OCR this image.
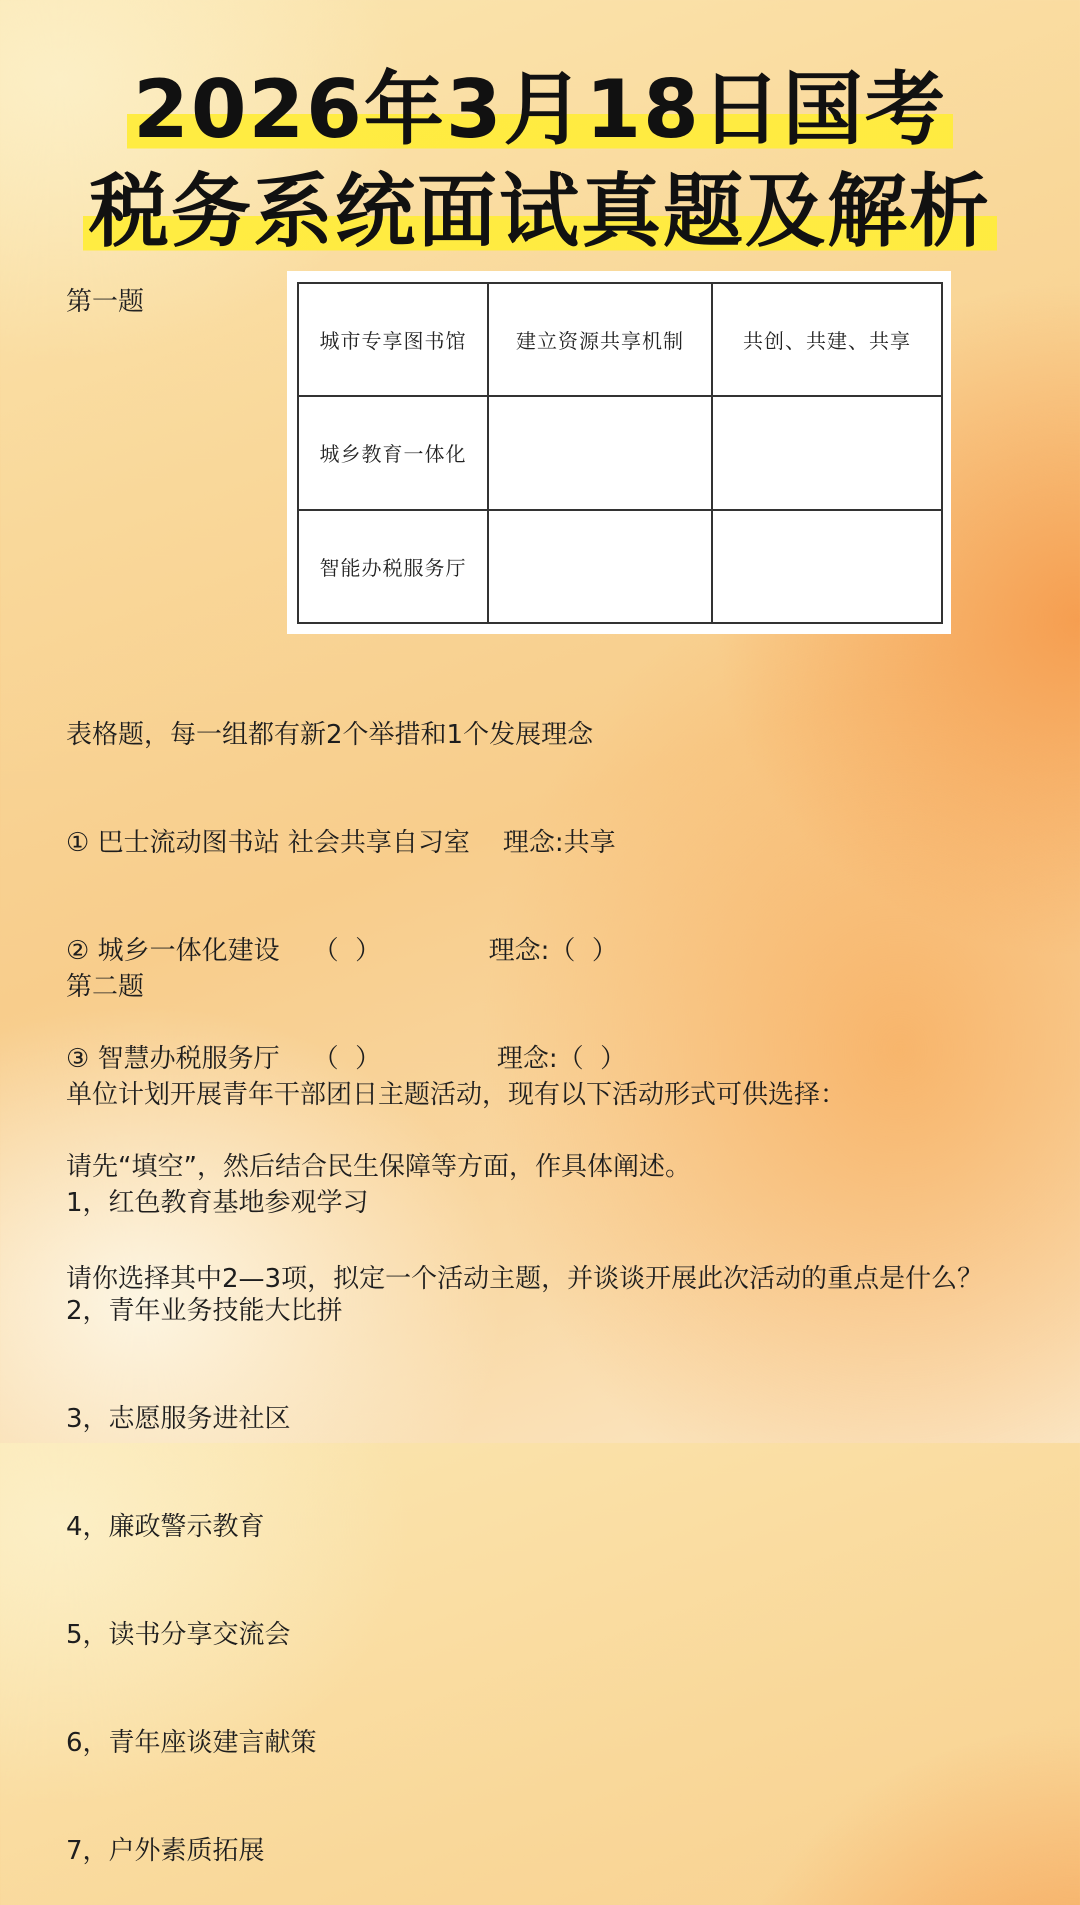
2026年3月18日国考
税务系统面试真题及解析
第一题
城市专享图书馆	建立资源共享机制	共创、共建、共享
城乡教育一体化		
智能办税服务厅		

表格题，每一组都有新2个举措和1个发展理念

① 巴士流动图书站 社会共享自习室    理念:共享

② 城乡一体化建设    （  ）             理念:（  ）

③ 智慧办税服务厅    （  ）              理念:（  ）

请先“填空”，然后结合民生保障等方面，作具体阐述。

第二题

单位计划开展青年干部团日主题活动，现有以下活动形式可供选择：

1，红色教育基地参观学习

2，青年业务技能大比拼

3，志愿服务进社区

4，廉政警示教育

5，读书分享交流会

6，青年座谈建言献策

7，户外素质拓展

请你选择其中2—3项，拟定一个活动主题，并谈谈开展此次活动的重点是什么？
